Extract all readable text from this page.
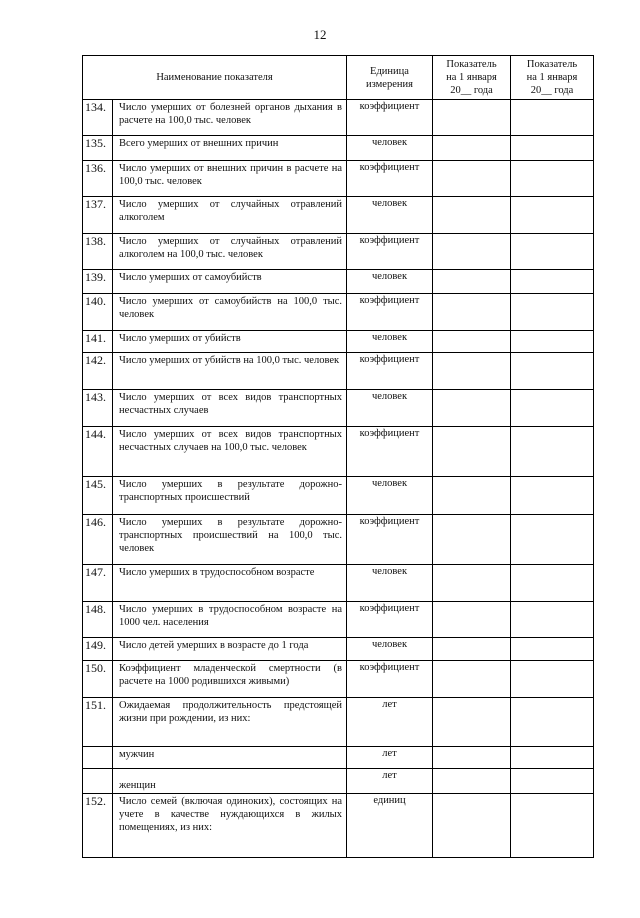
12
Наименование показателя		Единица
измерения	Показатель
на 1 января
20__ года	Показатель
на 1 января
20__ года

134.	Число умерших от болезней органов дыхания в расчете на 100,0 тыс. человек	коэффициент		
135.	Всего умерших от внешних причин	человек		
136.	Число умерших от внешних причин в расчете на 100,0 тыс. человек	коэффициент		
137.	Число умерших от случайных отравлений алкоголем	человек		
138.	Число умерших от случайных отравлений алкоголем на 100,0 тыс. человек	коэффициент		
139.	Число умерших от самоубийств	человек		
140.	Число умерших от самоубийств на 100,0 тыс. человек	коэффициент		
141.	Число умерших от убийств	человек		
142.	Число умерших от убийств на 100,0 тыс. человек	коэффициент		
143.	Число умерших от всех видов транспортных несчастных случаев	человек		
144.	Число умерших от всех видов транспортных несчастных случаев на 100,0 тыс. человек	коэффициент		
145.	Число умерших в результате дорожно-транспортных происшествий	человек		
146.	Число умерших в результате дорожно-транспортных происшествий на 100,0 тыс. человек	коэффициент		
147.	Число умерших в трудоспособном возрасте	человек		
148.	Число умерших в трудоспособном возрасте на 1000 чел. населения	коэффициент		
149.	Число детей умерших в возрасте до 1 года	человек		
150.	Коэффициент младенческой смертности (в расчете на 1000 родившихся живыми)	коэффициент		
151.	Ожидаемая продолжительность предстоящей жизни при рождении, из них:	лет		
	мужчин	лет		
	женщин	лет		
152.	Число семей (включая одиноких), состоящих на учете в качестве нуждающихся в жилых помещениях, из них:	единиц		
